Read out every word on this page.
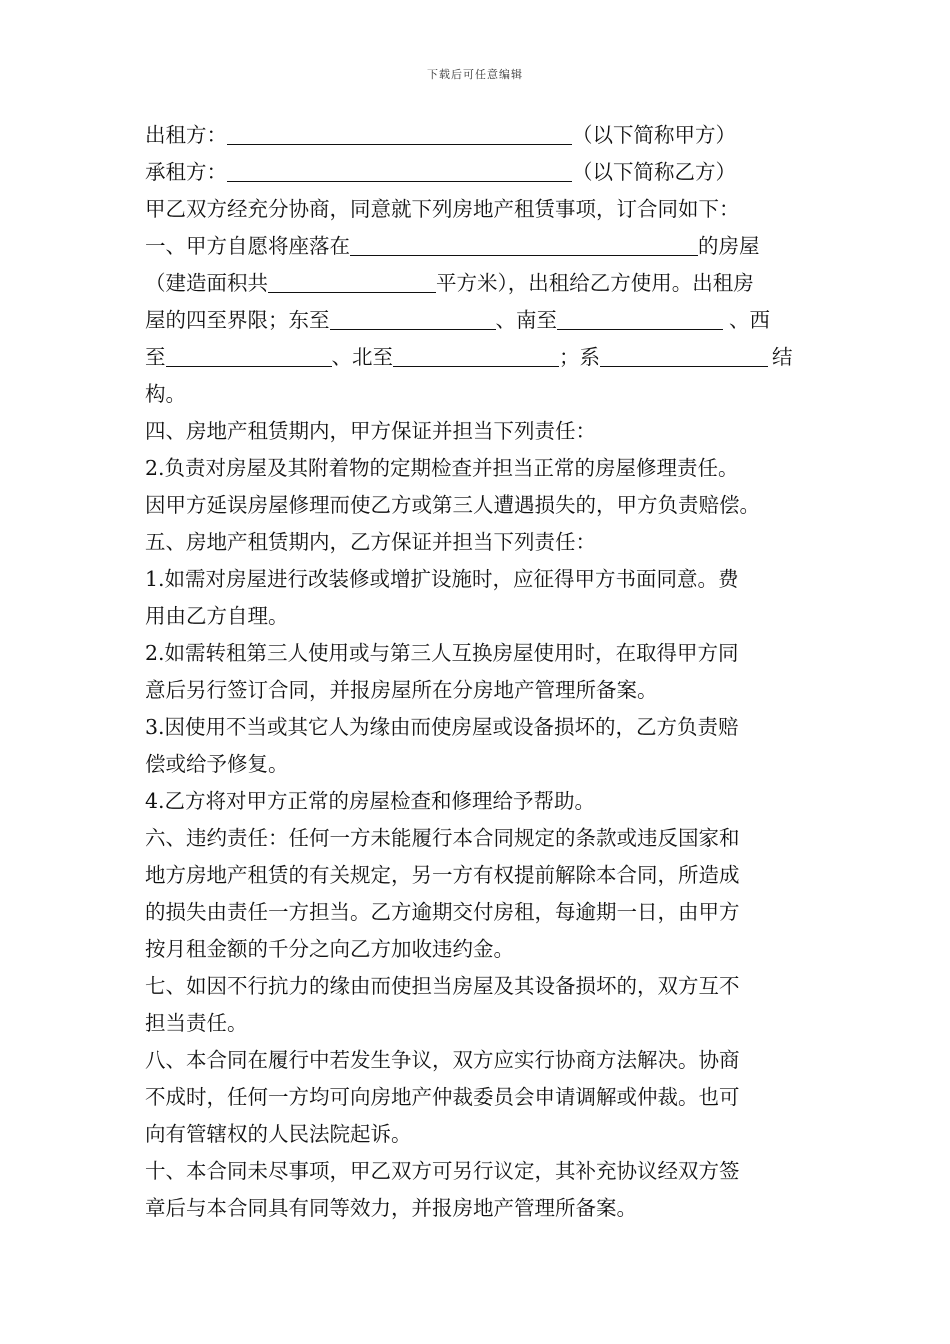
下载后可任意编辑
出租方：	（以下简称甲方）
承租方：	（以下简称乙方）
甲乙双方经充分协商，同意就下列房地产租赁事项，订合同如下：
一、甲方自愿将座落在	的房屋
（建造面积共	平方米），出租给乙方使用。出租房
屋的四至界限；东至	、南至	、西
至	、北至	；系	结
构。
四、房地产租赁期内，甲方保证并担当下列责任：
2.负责对房屋及其附着物的定期检查并担当正常的房屋修理责任。
因甲方延误房屋修理而使乙方或第三人遭遇损失的，甲方负责赔偿。
五、房地产租赁期内，乙方保证并担当下列责任：
1.如需对房屋进行改装修或增扩设施时，应征得甲方书面同意。费
用由乙方自理。
2.如需转租第三人使用或与第三人互换房屋使用时，在取得甲方同
意后另行签订合同，并报房屋所在分房地产管理所备案。
3.因使用不当或其它人为缘由而使房屋或设备损坏的，乙方负责赔
偿或给予修复。
4.乙方将对甲方正常的房屋检查和修理给予帮助。
六、违约责任：任何一方未能履行本合同规定的条款或违反国家和
地方房地产租赁的有关规定，另一方有权提前解除本合同，所造成
的损失由责任一方担当。乙方逾期交付房租，每逾期一日，由甲方
按月租金额的千分之向乙方加收违约金。
七、如因不行抗力的缘由而使担当房屋及其设备损坏的，双方互不
担当责任。
八、本合同在履行中若发生争议，双方应实行协商方法解决。协商
不成时，任何一方均可向房地产仲裁委员会申请调解或仲裁。也可
向有管辖权的人民法院起诉。
十、本合同未尽事项，甲乙双方可另行议定，其补充协议经双方签
章后与本合同具有同等效力，并报房地产管理所备案。
